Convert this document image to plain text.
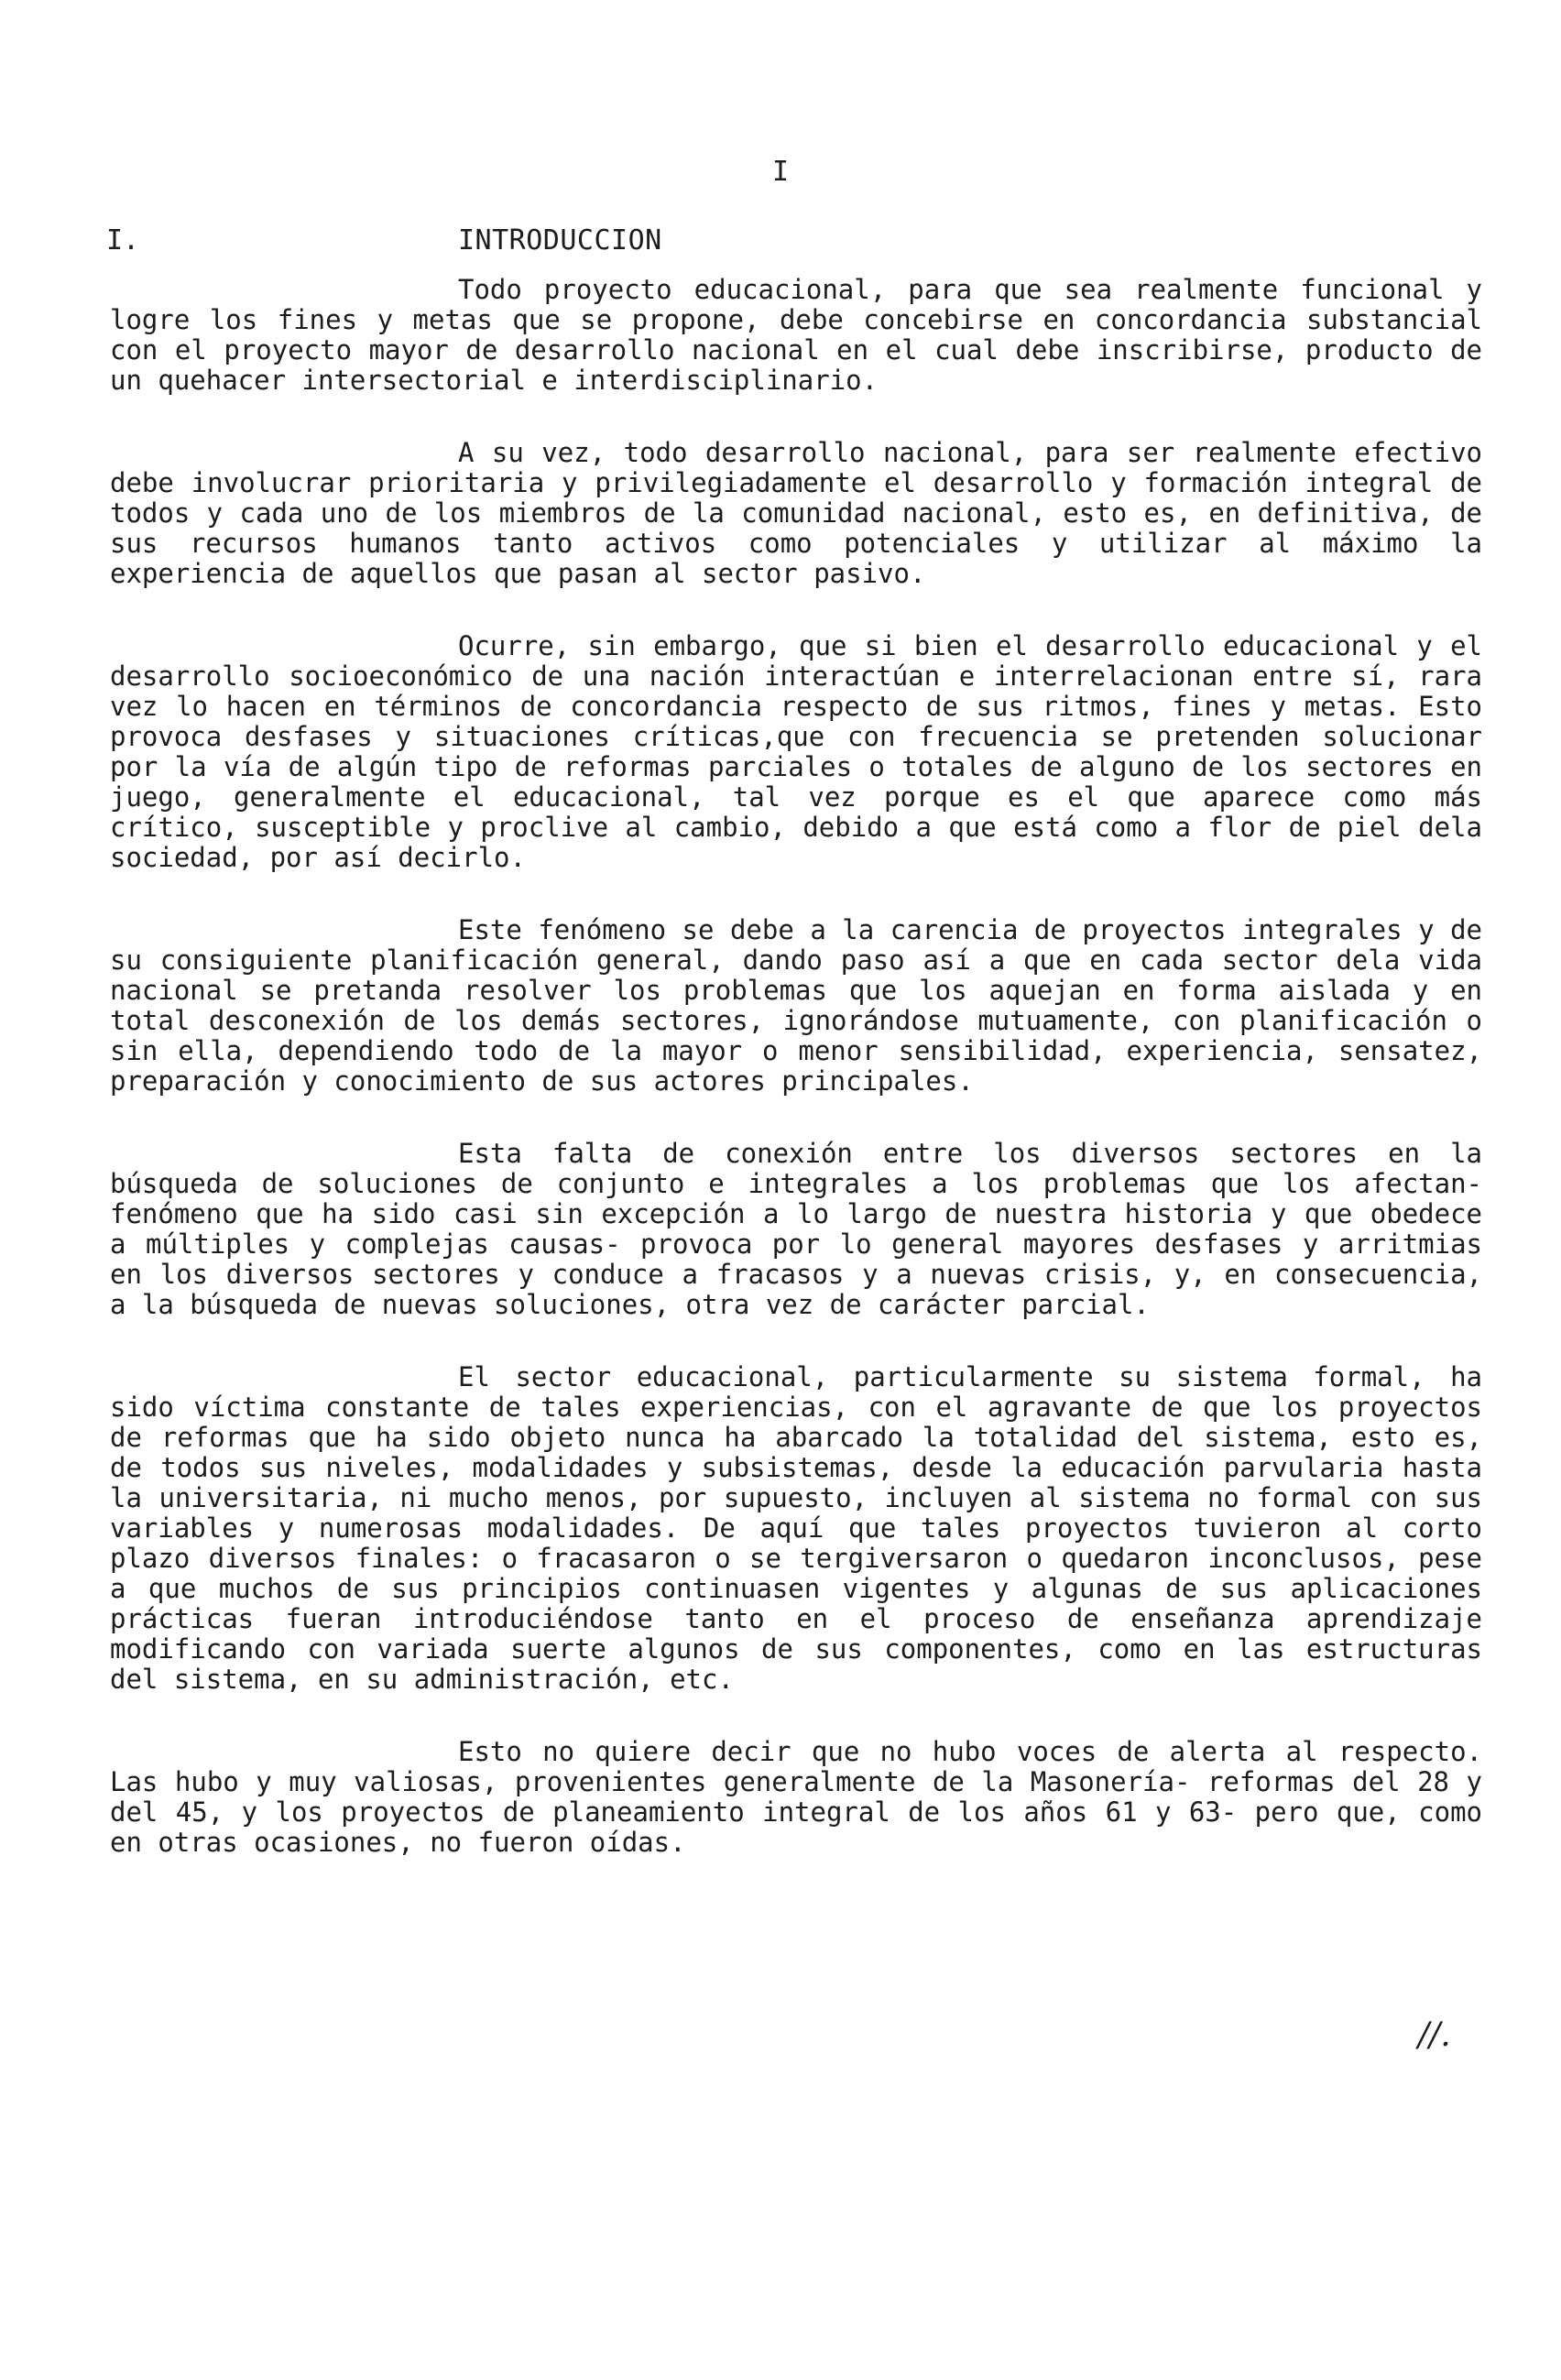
I
I.	INTRODUCCION

Todo proyecto educacional, para que sea realmente funcional y logre los fines y metas que se propone, debe concebirse en concordancia substancial con el proyecto mayor de desarrollo nacional en el cual debe inscribirse, producto de un quehacer intersectorial e interdisciplinario.

A su vez, todo desarrollo nacional, para ser realmente efectivo debe involucrar prioritaria y privilegiadamente el desarrollo y formación integral de todos y cada uno de los miembros de la comunidad nacional, esto es, en definitiva, de sus recursos humanos tanto activos como potenciales y utilizar al máximo la experiencia de aquellos que pasan al sector pasivo.

Ocurre, sin embargo, que si bien el desarrollo educacional y el desarrollo socioeconómico de una nación interactúan e interrelacionan entre sí, rara vez lo hacen en términos de concordancia respecto de sus ritmos, fines y metas. Esto provoca desfases y situaciones críticas,que con frecuencia se pretenden solucionar por la vía de algún tipo de reformas parciales o totales de alguno de los sectores en juego, generalmente el educacional, tal vez porque es el que aparece como más crítico, susceptible y proclive al cambio, debido a que está como a flor de piel dela sociedad, por así decirlo.

Este fenómeno se debe a la carencia de proyectos integrales y de su consiguiente planificación general, dando paso así a que en cada sector dela vida nacional se pretanda resolver los problemas que los aquejan en forma aislada y en total desconexión de los demás sectores, ignorándose mutuamente, con planificación o sin ella, dependiendo todo de la mayor o menor sensibilidad, experiencia, sensatez, preparación y conocimiento de sus actores principales.

Esta falta de conexión entre los diversos sectores en la búsqueda de soluciones de conjunto e integrales a los problemas que los afectan- fenómeno que ha sido casi sin excepción a lo largo de nuestra historia y que obedece a múltiples y complejas causas- provoca por lo general mayores desfases y arritmias en los diversos sectores y conduce a fracasos y a nuevas crisis, y, en consecuencia, a la búsqueda de nuevas soluciones, otra vez de carácter parcial.

El sector educacional, particularmente su sistema formal, ha sido víctima constante de tales experiencias, con el agravante de que los proyectos de reformas que ha sido objeto nunca ha abarcado la totalidad del sistema, esto es, de todos sus niveles, modalidades y subsistemas, desde la educación parvularia hasta la universitaria, ni mucho menos, por supuesto, incluyen al sistema no formal con sus variables y numerosas modalidades. De aquí que tales proyectos tuvieron al corto plazo diversos finales: o fracasaron o se tergiversaron o quedaron inconclusos, pese a que muchos de sus principios continuasen vigentes y algunas de sus aplicaciones prácticas fueran introduciéndose tanto en el proceso de enseñanza aprendizaje modificando con variada suerte algunos de sus componentes, como en las estructuras del sistema, en su administración, etc.

Esto no quiere decir que no hubo voces de alerta al respecto. Las hubo y muy valiosas, provenientes generalmente de la Masonería- reformas del 28 y del 45, y los proyectos de planeamiento integral de los años 61 y 63- pero que, como en otras ocasiones, no fueron oídas.

//.
